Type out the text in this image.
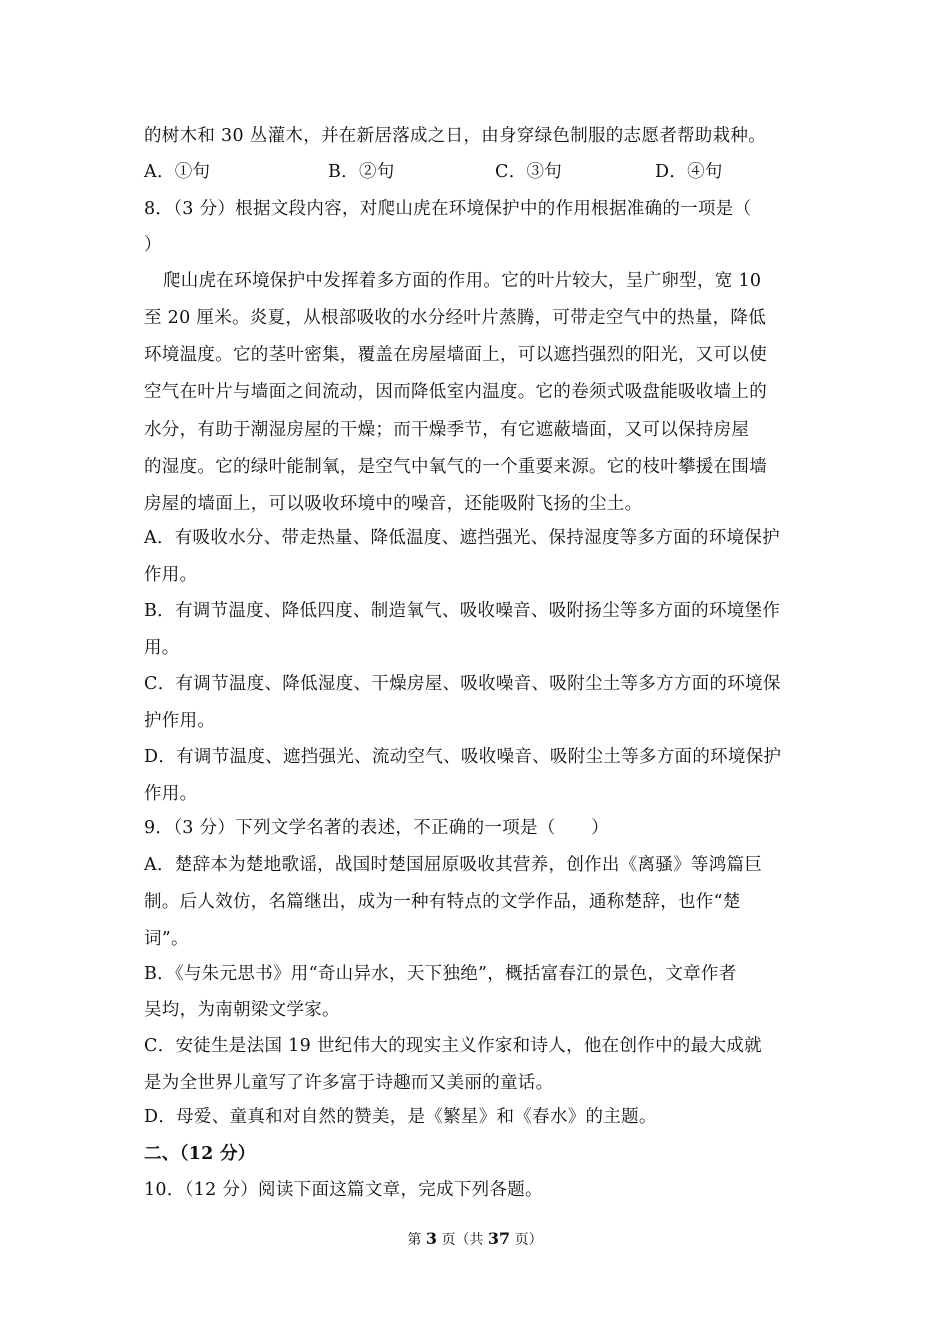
的树木和 30 丛灌木，并在新居落成之日，由身穿绿色制服的志愿者帮助栽种。
A．①句	B．②句	C．③句	D．④句
8．（3 分）根据文段内容，对爬山虎在环境保护中的作用根据准确的一项是（
）
爬山虎在环境保护中发挥着多方面的作用。它的叶片较大，呈广卵型，宽 10
至 20 厘米。炎夏，从根部吸收的水分经叶片蒸腾，可带走空气中的热量，降低
环境温度。它的茎叶密集，覆盖在房屋墙面上，可以遮挡强烈的阳光，又可以使
空气在叶片与墙面之间流动，因而降低室内温度。它的卷须式吸盘能吸收墙上的
水分，有助于潮湿房屋的干燥；而干燥季节，有它遮蔽墙面，又可以保持房屋
的湿度。它的绿叶能制氧，是空气中氧气的一个重要来源。它的枝叶攀援在围墙
房屋的墙面上，可以吸收环境中的噪音，还能吸附飞扬的尘土。
A．有吸收水分、带走热量、降低温度、遮挡强光、保持湿度等多方面的环境保护
作用。
B．有调节温度、降低四度、制造氧气、吸收噪音、吸附扬尘等多方面的环境堡作
用。
C．有调节温度、降低湿度、干燥房屋、吸收噪音、吸附尘土等多方方面的环境保
护作用。
D．有调节温度、遮挡强光、流动空气、吸收噪音、吸附尘土等多方面的环境保护
作用。
9．（3 分）下列文学名著的表述，不正确的一项是（　　）
A．楚辞本为楚地歌谣，战国时楚国屈原吸收其营养，创作出《离骚》等鸿篇巨
制。后人效仿，名篇继出，成为一种有特点的文学作品，通称楚辞，也作“楚
词”。
B．《与朱元思书》用“奇山异水，天下独绝”，概括富春江的景色，文章作者
吴均，为南朝梁文学家。
C．安徒生是法国 19 世纪伟大的现实主义作家和诗人，他在创作中的最大成就
是为全世界儿童写了许多富于诗趣而又美丽的童话。
D．母爱、童真和对自然的赞美，是《繁星》和《春水》的主题。
二、（12 分）
10．（12 分）阅读下面这篇文章，完成下列各题。
第 3 页（共 37 页）
